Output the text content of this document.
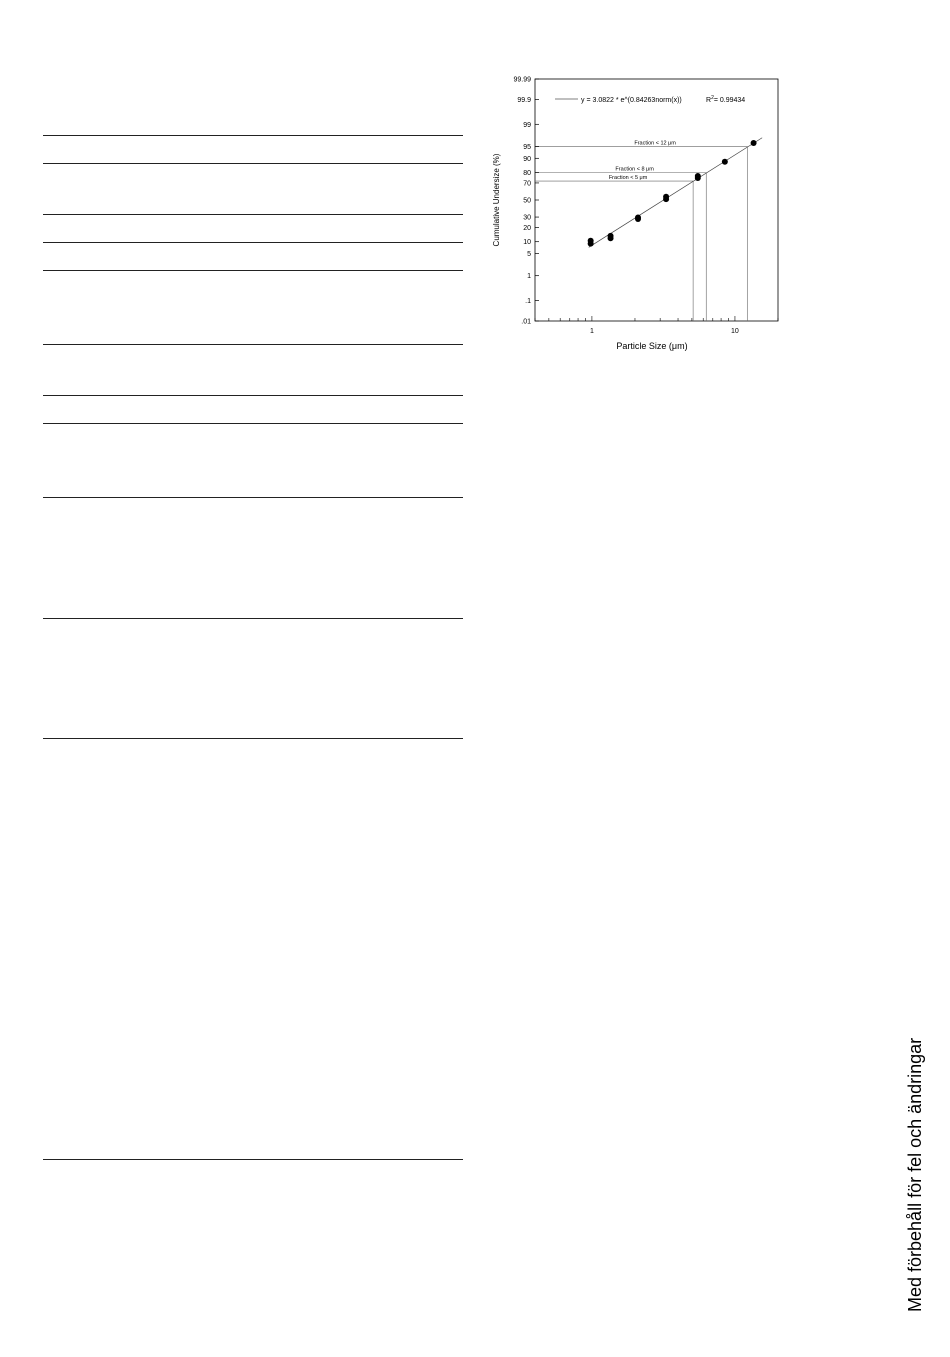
Fraction < 12 μm
Fraction < 8 μm
Fraction < 5 μm
.01
.1
1
5
10
20
30
50
70
80
90
95
99
99.9
99.99
1	10
y = 3.0822 * e^(0.84263norm(x))	$R^2= 0.99434$
Particle Size (μm)
Cumulative Undersize (%)
Med förbehåll för fel och ändringar
